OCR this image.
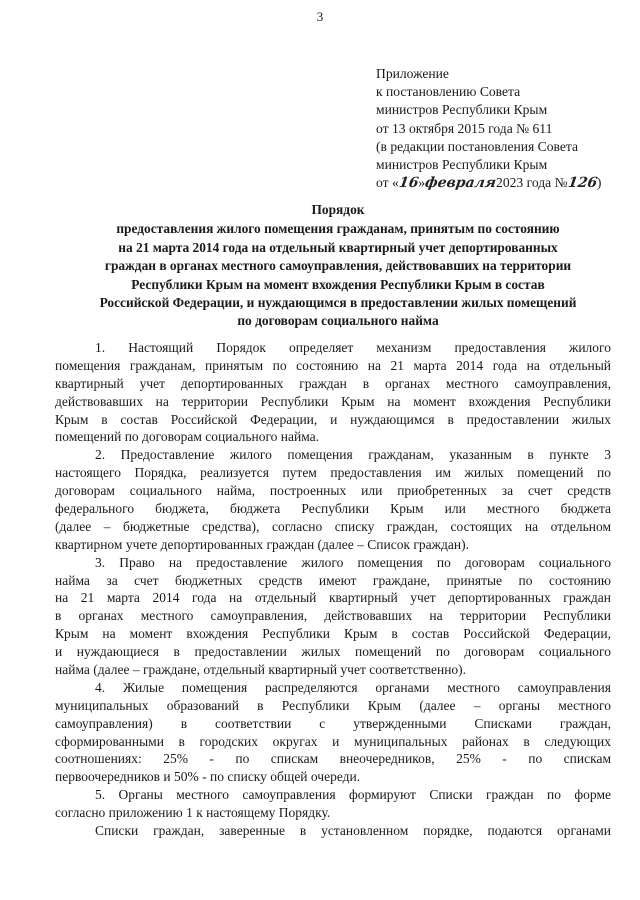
3
Приложение
к постановлению Совета
министров Республики Крым
от 13 октября 2015 года № 611
(в редакции постановления Совета
министров Республики Крым
от «16»февраля2023 года №126)
Порядок
предоставления жилого помещения гражданам, принятым по состоянию
на 21 марта 2014 года на отдельный квартирный учет депортированных
граждан в органах местного самоуправления, действовавших на территории
Республики Крым на момент вхождения Республики Крым в состав
Российской Федерации, и нуждающимся в предоставлении жилых помещений
по договорам социального найма
1. Настоящий Порядок определяет механизм предоставления жилого
помещения гражданам, принятым по состоянию на 21 марта 2014 года на отдельный
квартирный учет депортированных граждан в органах местного самоуправления,
действовавших на территории Республики Крым на момент вхождения Республики
Крым в состав Российской Федерации, и нуждающимся в предоставлении жилых
помещений по договорам социального найма.
2. Предоставление жилого помещения гражданам, указанным в пункте 3
настоящего Порядка, реализуется путем предоставления им жилых помещений по
договорам социального найма, построенных или приобретенных за счет средств
федерального бюджета, бюджета Республики Крым или местного бюджета
(далее – бюджетные средства), согласно списку граждан, состоящих на отдельном
квартирном учете депортированных граждан (далее – Список граждан).
3. Право на предоставление жилого помещения по договорам социального
найма за счет бюджетных средств имеют граждане, принятые по состоянию
на 21 марта 2014 года на отдельный квартирный учет депортированных граждан
в органах местного самоуправления, действовавших на территории Республики
Крым на момент вхождения Республики Крым в состав Российской Федерации,
и нуждающиеся в предоставлении жилых помещений по договорам социального
найма (далее – граждане, отдельный квартирный учет соответственно).
4. Жилые помещения распределяются органами местного самоуправления
муниципальных образований в Республики Крым (далее – органы местного
самоуправления) в соответствии с утвержденными Списками граждан,
сформированными в городских округах и муниципальных районах в следующих
соотношениях: 25% - по спискам внеочередников, 25% - по спискам
первоочередников и 50% - по списку общей очереди.
5. Органы местного самоуправления формируют Списки граждан по форме
согласно приложению 1 к настоящему Порядку.
Списки граждан, заверенные в установленном порядке, подаются органами
